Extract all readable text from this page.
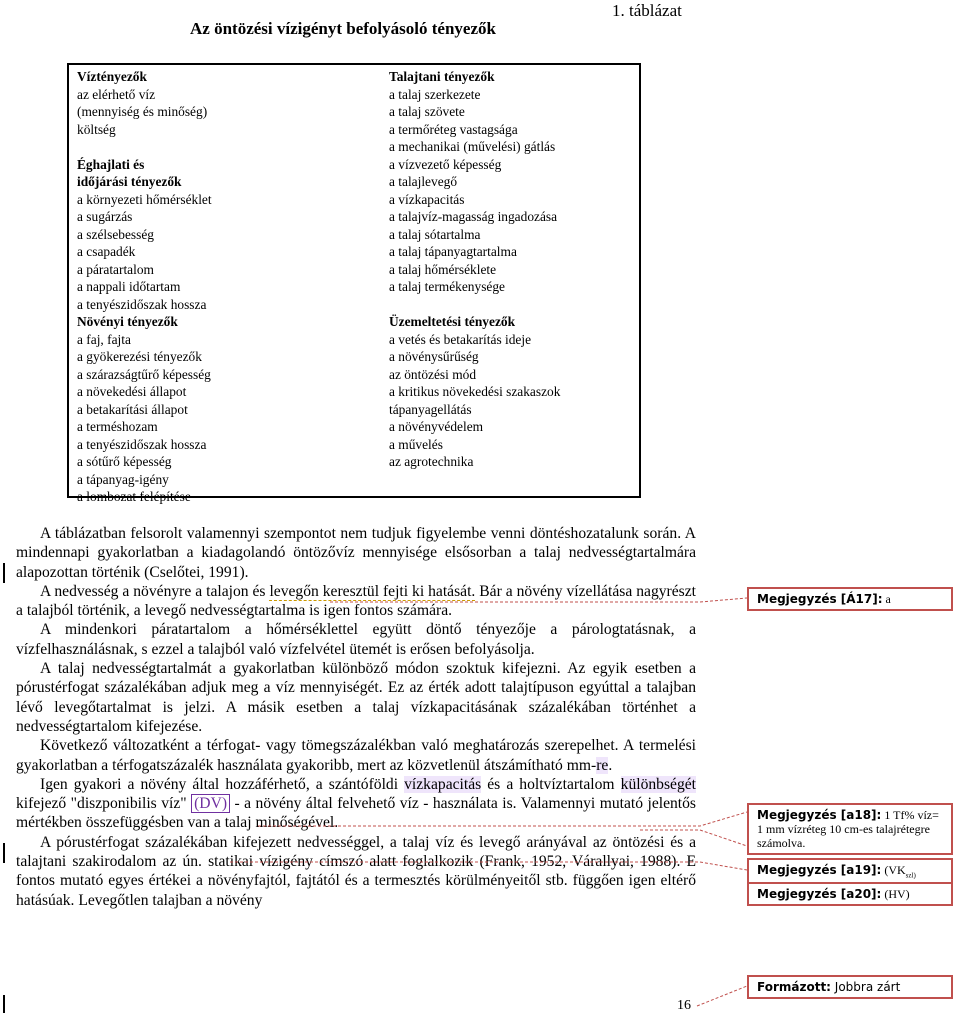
Az öntözési vízigényt befolyásoló tényezők
1. táblázat
Víztényezők
az elérhető víz
(mennyiség és minőség)
költség
Éghajlati és
időjárási tényezők
a környezeti hőmérséklet
a sugárzás
a szélsebesség
a csapadék
a páratartalom
a nappali időtartam
a tenyészidőszak hossza
Növényi tényezők
a faj, fajta
a gyökerezési tényezők
a szárazságtűrő képesség
a növekedési állapot
a betakarítási állapot
a terméshozam
a tenyészidőszak hossza
a sótűrő képesség
a tápanyag-igény
a lombozat felépítése
Talajtani tényezők
a talaj szerkezete
a talaj szövete
a termőréteg vastagsága
a mechanikai (művelési) gátlás
a vízvezető képesség
a talajlevegő
a vízkapacitás
a talajvíz-magasság ingadozása
a talaj sótartalma
a talaj tápanyagtartalma
a talaj hőmérséklete
a talaj termékenysége
Üzemeltetési tényezők
a vetés és betakarítás ideje
a növénysűrűség
az öntözési mód
a kritikus növekedési szakaszok
tápanyagellátás
a növényvédelem
a művelés
az agrotechnika

A táblázatban felsorolt valamennyi szempontot nem tudjuk figyelembe venni döntéshozatalunk során. A mindennapi gyakorlatban a kiadagolandó öntözővíz mennyisége elsősorban a talaj nedvességtartalmára alapozottan történik (Cselőtei, 1991).

A nedvesség a növényre a talajon és levegőn keresztül fejti ki hatását. Bár a növény vízellátása nagyrészt a talajból történik, a levegő nedvességtartalma is igen fontos számára.

A mindenkori páratartalom a hőmérséklettel együtt döntő tényezője a párologtatásnak, a vízfelhasználásnak, s ezzel a talajból való vízfelvétel ütemét is erősen befolyásolja.

A talaj nedvességtartalmát a gyakorlatban különböző módon szoktuk kifejezni. Az egyik esetben a pórustérfogat százalékában adjuk meg a víz mennyiségét. Ez az érték adott talajtípuson egyúttal a talajban lévő levegőtartalmat is jelzi. A másik esetben a talaj vízkapacitásának százalékában történhet a nedvességtartalom kifejezése.

Következő változatként a térfogat- vagy tömegszázalékban való meghatározás szerepelhet. A termelési gyakorlatban a térfogatszázalék használata gyakoribb, mert az közvetlenül átszámítható mm-re.

Igen gyakori a növény által hozzáférhető, a szántóföldi vízkapacitás és a holtvíztartalom különbségét kifejező "diszponibilis víz" (DV) - a növény által felvehető víz - használata is. Valamennyi mutató jelentős mértékben összefüggésben van a talaj minőségével.

A pórustérfogat százalékában kifejezett nedvességgel, a talaj víz és levegő arányával az öntözési és a talajtani szakirodalom az ún. statikai vízigény címszó alatt foglalkozik (Frank, 1952, Várallyai, 1988). E fontos mutató egyes értékei a növényfajtól, fajtától és a termesztés körülményeitől stb. függően igen eltérő hatásúak. Levegőtlen talajban a növény

Megjegyzés [Á17]: a
Megjegyzés [a18]: 1 Tf% víz= 1 mm vízréteg 10 cm-es talajrétegre számolva.
Megjegyzés [a19]: ($VK_{szl)}$
Megjegyzés [a20]: (HV)
Formázott: Jobbra zárt
16
